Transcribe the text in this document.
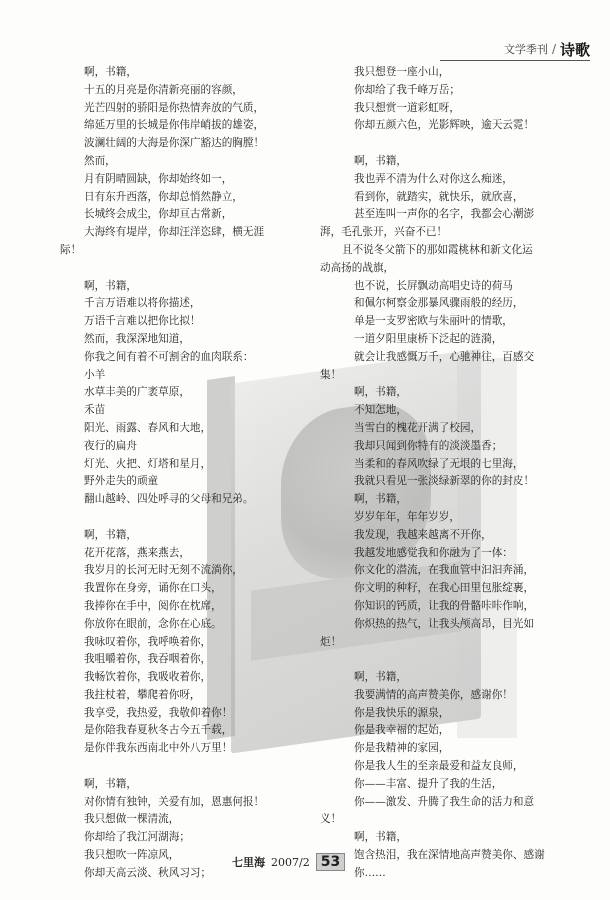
文学季刊 / 诗歌
啊，书籍，
十五的月亮是你清新亮丽的容颜，
光芒四射的骄阳是你热情奔放的气质，
绵延万里的长城是你伟岸峭拔的雄姿，
波澜壮阔的大海是你深广豁达的胸膛！
然而，
月有阴晴圆缺，你却始终如一，
日有东升西落，你却总悄然静立，
长城终会成尘，你却亘古常新，
大海终有堤岸，你却汪洋恣肆，横无涯
际！
啊，书籍，
千言万语难以将你描述，
万语千言难以把你比拟！
然而，我深深地知道，
你我之间有着不可割舍的血肉联系：
小羊
水草丰美的广袤草原，
禾苗
阳光、雨露、春风和大地，
夜行的扁舟
灯光、火把、灯塔和星月，
野外走失的顽童
翻山越岭、四处呼寻的父母和兄弟。
啊，书籍，
花开花落，燕来燕去，
我岁月的长河无时无刻不流淌你，
我置你在身旁，诵你在口头，
我捧你在手中，阅你在枕席，
你放你在眼前，念你在心底。
我咏叹着你，我呼唤着你，
我咀嚼着你，我吞咽着你，
我畅饮着你，我吸收着你，
我拄杖着，攀爬着你呀，
我享受，我热爱，我敬仰着你！
是你陪我春夏秋冬古今五千载，
是你伴我东西南北中外八万里！
啊，书籍，
对你情有独钟，关爱有加，恩惠何报！
我只想做一棵清流，
你却给了我江河湖海；
我只想吹一阵凉风，
你却天高云淡、秋风习习；
我只想登一座小山，
你却给了我千峰万岳；
我只想赏一道彩虹呀，
你却五颜六色，光影辉映，逾天云霓！
啊，书籍，
我也弄不清为什么对你这么痴迷，
看到你，就踏实，就快乐，就欣喜，
甚至连叫一声你的名字，我都会心潮澎
湃，毛孔张开，兴奋不已！
且不说冬父箭下的那如霞桃林和新文化运
动高扬的战旗，
也不说，长屏飘动高唱史诗的荷马
和佩尔柯察金那暴风骤雨般的经历，
单是一支罗密欧与朱丽叶的情歌，
一道夕阳里康桥下泛起的涟漪，
就会让我感慨万千，心驰神往，百感交
集！
啊，书籍，
不知怎地，
当雪白的槐花开满了校园，
我却只闻到你特有的淡淡墨香；
当柔和的春风吹绿了无垠的七里海，
我就只看见一张淡绿新翠的你的封皮！
啊，书籍，
岁岁年年，年年岁岁，
我发现，我越来越离不开你，
我越发地感觉我和你融为了一体：
你文化的潜流，在我血管中汩汩奔涌，
你文明的种籽，在我心田里包胀绽裹，
你知识的钙质，让我的骨骼咔咔作响，
你炽热的热气，让我头颅高昂，目光如
炬！
啊，书籍，
我要满情的高声赞美你，感谢你！
你是我快乐的源泉，
你是我幸福的起始，
你是我精神的家园，
你是我人生的至亲最爱和益友良师，
你——丰富、提升了我的生活，
你——激发、升腾了我生命的活力和意
义！
啊，书籍，
饱含热泪，我在深情地高声赞美你、感谢
你……
七里海 2007/2 53
